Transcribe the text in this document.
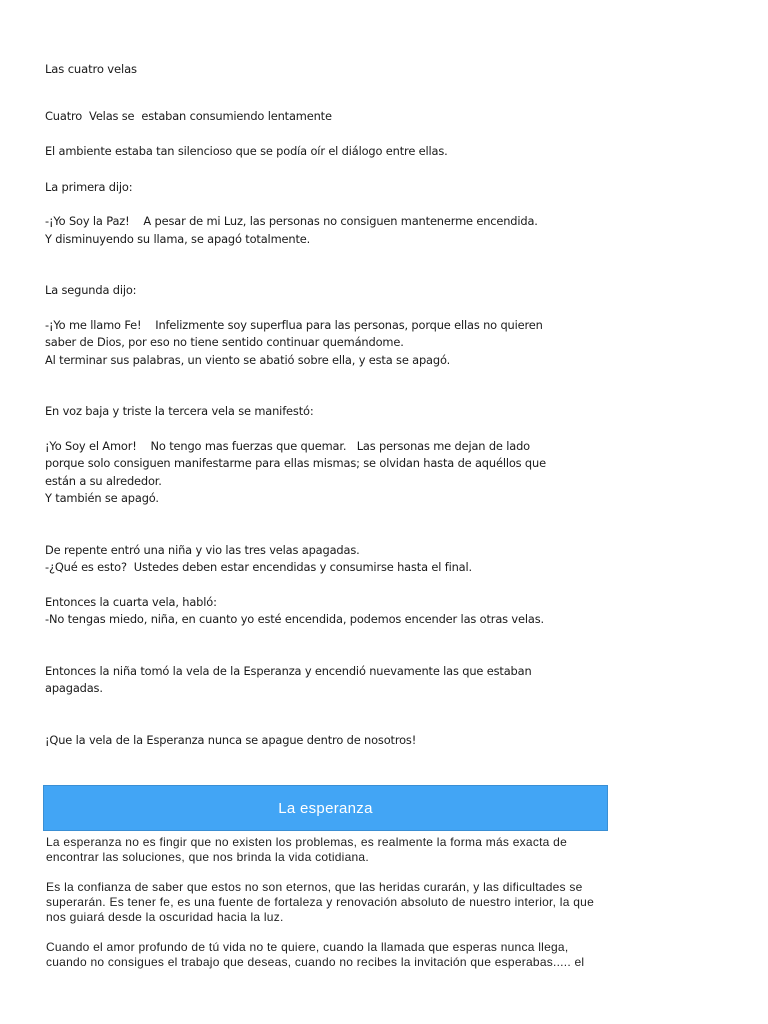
Las cuatro velas

Cuatro  Velas se  estaban consumiendo lentamente

El ambiente estaba tan silencioso que se podía oír el diálogo entre ellas.

La primera dijo:

-¡Yo Soy la Paz!    A pesar de mi Luz, las personas no consiguen mantenerme encendida.
Y disminuyendo su llama, se apagó totalmente.

La segunda dijo:

-¡Yo me llamo Fe!    Infelizmente soy superflua para las personas, porque ellas no quieren
saber de Dios, por eso no tiene sentido continuar quemándome.
Al terminar sus palabras, un viento se abatió sobre ella, y esta se apagó.

En voz baja y triste la tercera vela se manifestó:

¡Yo Soy el Amor!    No tengo mas fuerzas que quemar.   Las personas me dejan de lado
porque solo consiguen manifestarme para ellas mismas; se olvidan hasta de aquéllos que
están a su alrededor.
Y también se apagó.

De repente entró una niña y vio las tres velas apagadas.
-¿Qué es esto?  Ustedes deben estar encendidas y consumirse hasta el final.

Entonces la cuarta vela, habló:
-No tengas miedo, niña, en cuanto yo esté encendida, podemos encender las otras velas.

Entonces la niña tomó la vela de la Esperanza y encendió nuevamente las que estaban
apagadas.

¡Que la vela de la Esperanza nunca se apague dentro de nosotros!

La esperanza

La esperanza no es fingir que no existen los problemas, es realmente la forma más exacta de
encontrar las soluciones, que nos brinda la vida cotidiana.

Es la confianza de saber que estos no son eternos, que las heridas curarán, y las dificultades se
superarán. Es tener fe, es una fuente de fortaleza y renovación absoluto de nuestro interior, la que
nos guiará desde la oscuridad hacia la luz.

Cuando el amor profundo de tú vida no te quiere, cuando la llamada que esperas nunca llega,
cuando no consigues el trabajo que deseas, cuando no recibes la invitación que esperabas..... el
